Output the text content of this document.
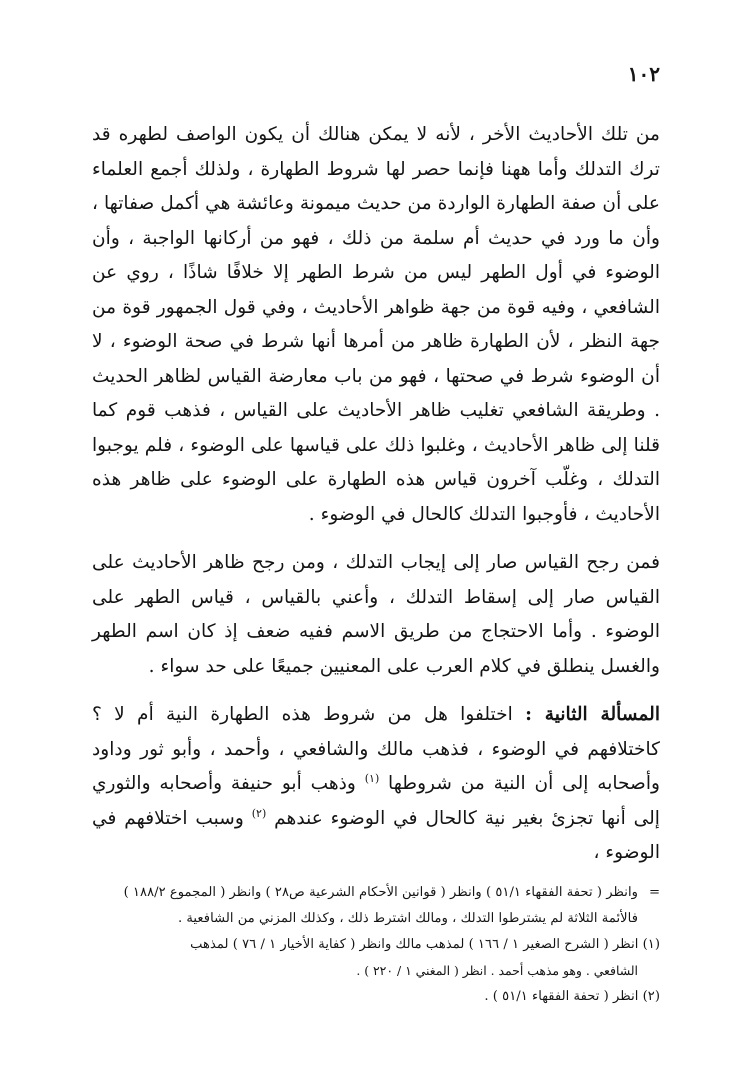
١٠٢

من تلك الأحاديث الأخر ، لأنه لا يمكن هنالك أن يكون الواصف لطهره قد ترك التدلك وأما ههنا فإنما حصر لها شروط الطهارة ، ولذلك أجمع العلماء على أن صفة الطهارة الواردة من حديث ميمونة وعائشة هي أكمل صفاتها ، وأن ما ورد في حديث أم سلمة من ذلك ، فهو من أركانها الواجبة ، وأن الوضوء في أول الطهر ليس من شرط الطهر إلا خلافًا شاذًا ، روي عن الشافعي ، وفيه قوة من جهة ظواهر الأحاديث ، وفي قول الجمهور قوة من جهة النظر ، لأن الطهارة ظاهر من أمرها أنها شرط في صحة الوضوء ، لا أن الوضوء شرط في صحتها ، فهو من باب معارضة القياس لظاهر الحديث . وطريقة الشافعي تغليب ظاهر الأحاديث على القياس ، فذهب قوم كما قلنا إلى ظاهر الأحاديث ، وغلبوا ذلك على قياسها على الوضوء ، فلم يوجبوا التدلك ، وغلّب آخرون قياس هذه الطهارة على الوضوء على ظاهر هذه الأحاديث ، فأوجبوا التدلك كالحال في الوضوء .

فمن رجح القياس صار إلى إيجاب التدلك ، ومن رجح ظاهر الأحاديث على القياس صار إلى إسقاط التدلك ، وأعني بالقياس ، قياس الطهر على الوضوء . وأما الاحتجاج من طريق الاسم ففيه ضعف إذ كان اسم الطهر والغسل ينطلق في كلام العرب على المعنيين جميعًا على حد سواء .

المسألة الثانية : اختلفوا هل من شروط هذه الطهارة النية أم لا ؟ كاختلافهم في الوضوء ، فذهب مالك والشافعي ، وأحمد ، وأبو ثور وداود وأصحابه إلى أن النية من شروطها $^{(١)}$ وذهب أبو حنيفة وأصحابه والثوري إلى أنها تجزئ بغير نية كالحال في الوضوء عندهم $^{(٢)}$ وسبب اختلافهم في الوضوء ،

=

وانظر ( تحفة الفقهاء ٥١/١ ) وانظر ( قوانين الأحكام الشرعية ص٢٨ ) وانظر ( المجموع ١٨٨/٢ )

فالأئمة الثلاثة لم يشترطوا التدلك ، ومالك اشترط ذلك ، وكذلك المزني من الشافعية .

(١) انظر ( الشرح الصغير ١ / ١٦٦ ) لمذهب مالك وانظر ( كفاية الأخيار ١ / ٧٦ ) لمذهب

الشافعي . وهو مذهب أحمد . انظر ( المغني ١ / ٢٢٠ ) .

(٢) انظر ( تحفة الفقهاء ٥١/١ ) .
